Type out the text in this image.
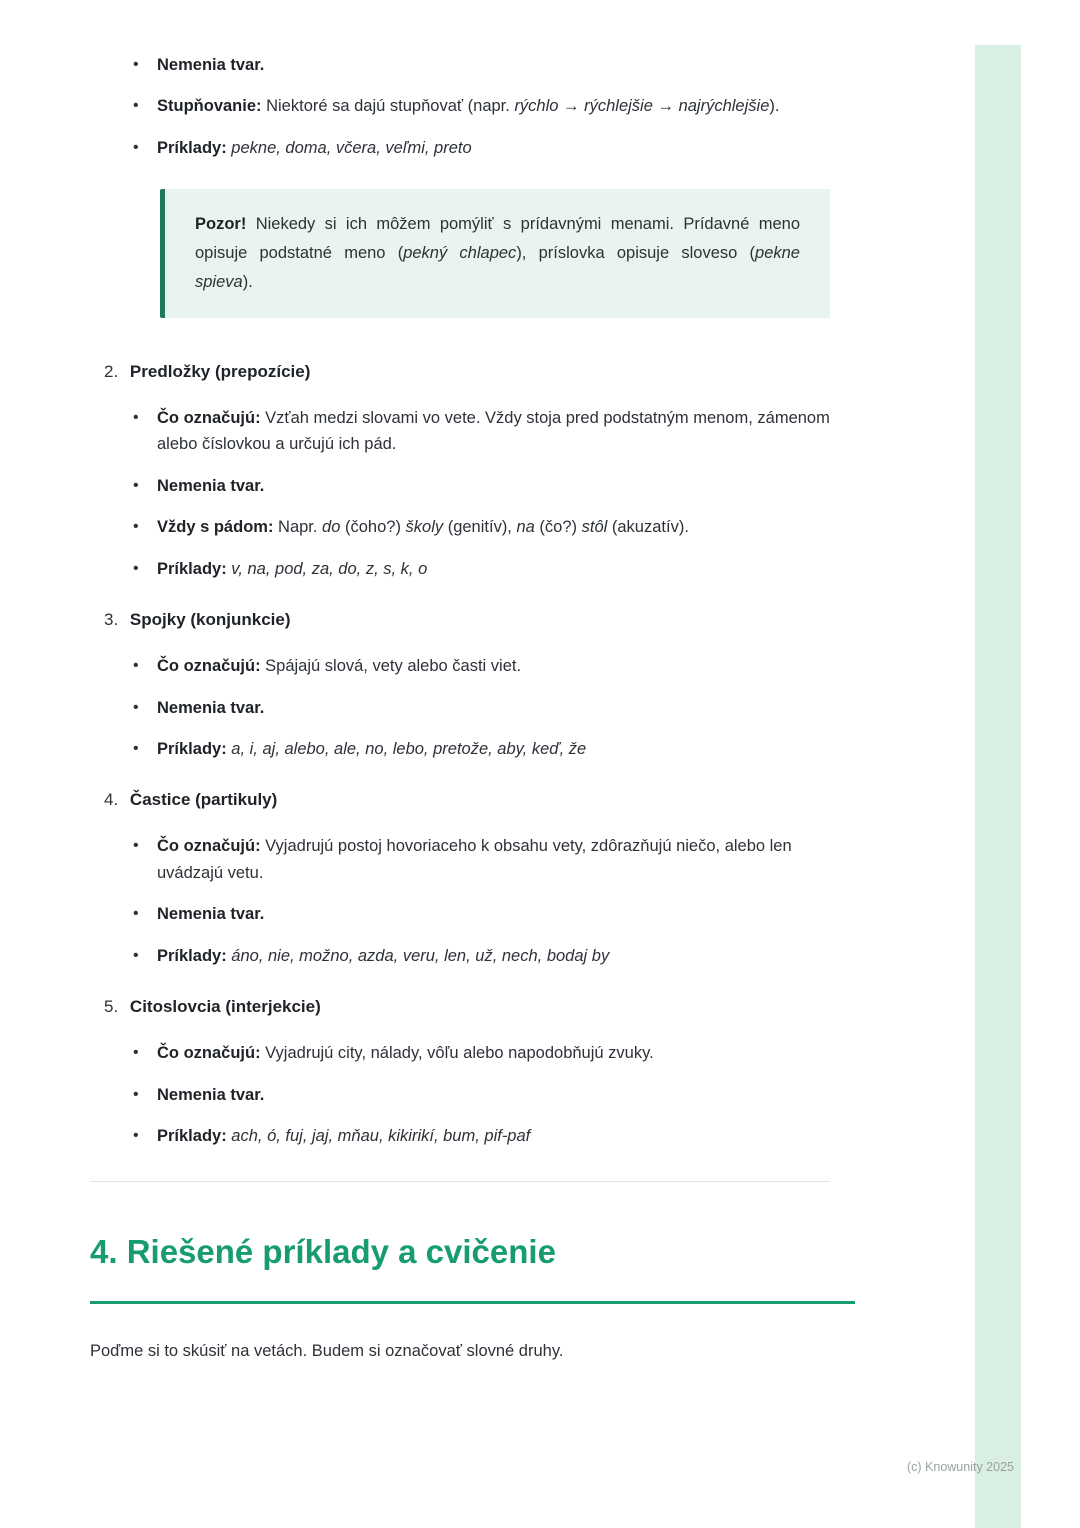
•	Nemenia tvar.
•	Stupňovanie: Niektoré sa dajú stupňovať (napr. rýchlo → rýchlejšie → najrýchlejšie).
•	Príklady: pekne, doma, včera, veľmi, preto
Pozor! Niekedy si ich môžem pomýliť s prídavnými menami. Prídavné meno opisuje podstatné meno (pekný chlapec), príslovka opisuje sloveso (pekne spieva).
2. Predložky (prepozície)
•	Čo označujú: Vzťah medzi slovami vo vete. Vždy stoja pred podstatným menom, zámenom alebo číslovkou a určujú ich pád.
•	Nemenia tvar.
•	Vždy s pádom: Napr. do (čoho?) školy (genitív), na (čo?) stôl (akuzatív).
•	Príklady: v, na, pod, za, do, z, s, k, o
3. Spojky (konjunkcie)
•	Čo označujú: Spájajú slová, vety alebo časti viet.
•	Nemenia tvar.
•	Príklady: a, i, aj, alebo, ale, no, lebo, pretože, aby, keď, že
4. Častice (partikuly)
•	Čo označujú: Vyjadrujú postoj hovoriaceho k obsahu vety, zdôrazňujú niečo, alebo len uvádzajú vetu.
•	Nemenia tvar.
•	Príklady: áno, nie, možno, azda, veru, len, už, nech, bodaj by
5. Citoslovcia (interjekcie)
•	Čo označujú: Vyjadrujú city, nálady, vôľu alebo napodobňujú zvuky.
•	Nemenia tvar.
•	Príklady: ach, ó, fuj, jaj, mňau, kikirikí, bum, pif-paf
4. Riešené príklady a cvičenie

Poďme si to skúsiť na vetách. Budem si označovať slovné druhy.

(c) Knowunity 2025
